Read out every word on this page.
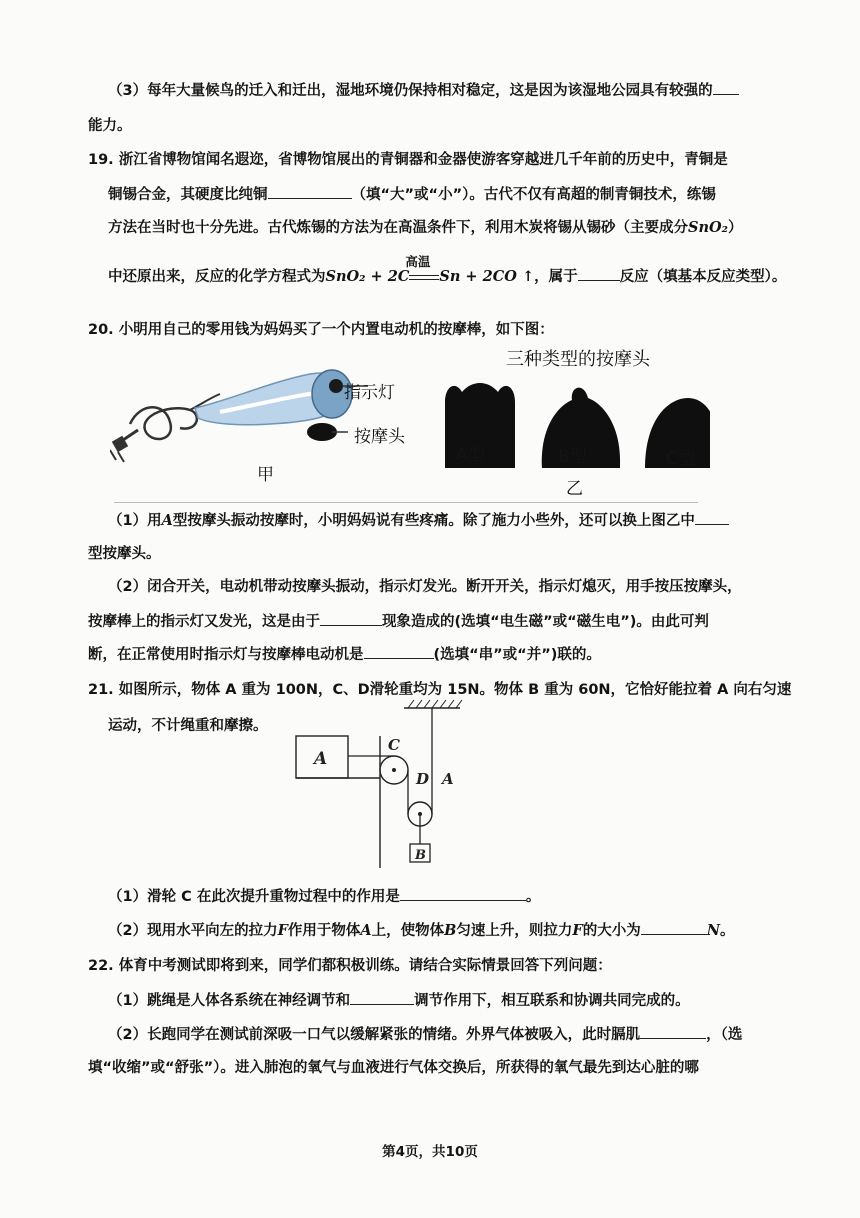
（3）每年大量候鸟的迁入和迁出，湿地环境仍保持相对稳定，这是因为该湿地公园具有较强的
能力。
19. 浙江省博物馆闻名遐迩，省博物馆展出的青铜器和金器使游客穿越进几千年前的历史中，青铜是
铜锡合金，其硬度比纯铜	（填“大”或“小”）。古代不仅有高超的制青铜技术，练锡
方法在当时也十分先进。古代炼锡的方法为在高温条件下，利用木炭将锡从锡砂（主要成分SnO₂）
中还原出来，反应的化学方程式为SnO₂ + 2C
高温
Sn + 2CO ↑，属于	反应（填基本反应类型）。
20. 小明用自己的零用钱为妈妈买了一个内置电动机的按摩棒，如下图：
指示灯
按摩头
甲
三种类型的按摩头
A型	B型	C型
乙
（1）用A型按摩头振动按摩时，小明妈妈说有些疼痛。除了施力小些外，还可以换上图乙中
型按摩头。
（2）闭合开关，电动机带动按摩头振动，指示灯发光。断开开关，指示灯熄灭，用手按压按摩头，
按摩棒上的指示灯又发光，这是由于	现象造成的(选填“电生磁”或“磁生电”)。由此可判
断，在正常使用时指示灯与按摩棒电动机是	(选填“串”或“并”)联的。
21. 如图所示，物体 A 重为 100N，C、D滑轮重均为 15N。物体 B 重为 60N，它恰好能拉着 A 向右匀速
运动，不计绳重和摩擦。
A
C
D A
B
（1）滑轮 C 在此次提升重物过程中的作用是	。
（2）现用水平向左的拉力F作用于物体A上，使物体B匀速上升，则拉力F的大小为	N。
22. 体育中考测试即将到来，同学们都积极训练。请结合实际情景回答下列问题：
（1）跳绳是人体各系统在神经调节和	调节作用下，相互联系和协调共同完成的。
（2）长跑同学在测试前深吸一口气以缓解紧张的情绪。外界气体被吸入，此时膈肌	，（选
填“收缩”或“舒张”）。进入肺泡的氧气与血液进行气体交换后，所获得的氧气最先到达心脏的哪
第4页，共10页
